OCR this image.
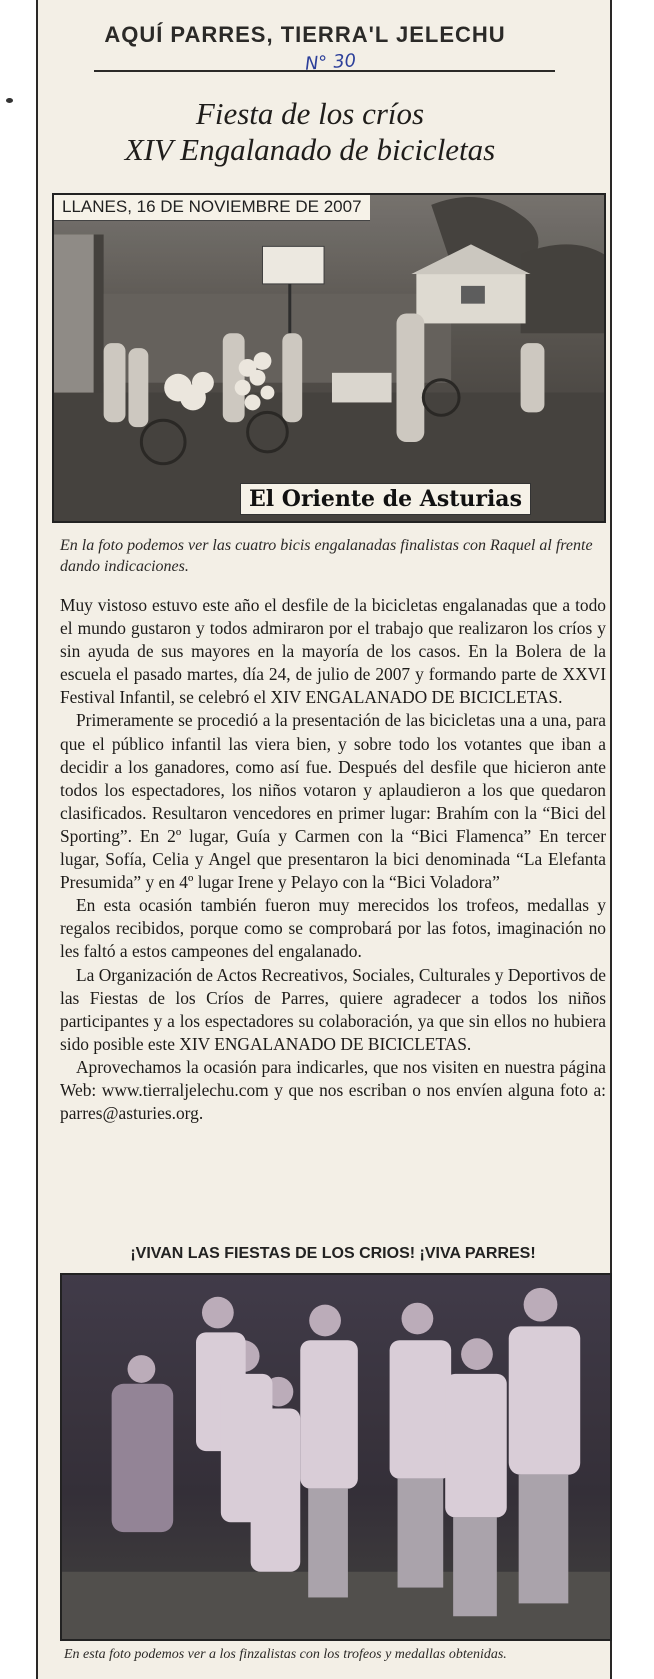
AQUÍ PARRES, TIERRA'L JELECHU
N° 30
Fiesta de los críos
XIV Engalanado de bicicletas
LLANES, 16 DE NOVIEMBRE DE 2007
El Oriente de Asturias
En la foto podemos ver las cuatro bicis engalanadas finalistas con Raquel al frente dando indicaciones.

Muy vistoso estuvo este año el desfile de la bicicletas engalanadas que a todo el mundo gustaron y todos admiraron por el trabajo que realizaron los críos y sin ayuda de sus mayores en la mayoría de los casos. En la Bolera de la escuela el pasado martes, día 24, de julio de 2007 y formando parte de XXVI Festival Infantil, se celebró el XIV ENGALANADO DE BICICLETAS.

Primeramente se procedió a la presentación de las bicicletas una a una, para que el público infantil las viera bien, y sobre todo los votantes que iban a decidir a los ganadores, como así fue. Después del desfile que hicieron ante todos los espectadores, los niños votaron y aplaudieron a los que quedaron clasificados. Resultaron vencedores en primer lugar: Brahím con la “Bici del Sporting”. En 2º lugar, Guía y Carmen con la “Bici Flamenca” En tercer lugar, Sofía, Celia y Angel que presentaron la bici denominada “La Elefanta Presumida” y en 4º lugar Irene y Pelayo con la “Bici Voladora”

En esta ocasión también fueron muy merecidos los trofeos, medallas y regalos recibidos, porque como se comprobará por las fotos, imaginación no les faltó a estos campeones del engalanado.

La Organización de Actos Recreativos, Sociales, Culturales y Deportivos de las Fiestas de los Críos de Parres, quiere agradecer a todos los niños participantes y a los espectadores su colaboración, ya que sin ellos no hubiera sido posible este XIV ENGALANADO DE BICICLETAS.

Aprovechamos la ocasión para indicarles, que nos visiten en nuestra página Web: www.tierraljelechu.com y que nos escriban o nos envíen alguna foto a: parres@asturies.org.

¡VIVAN LAS FIESTAS DE LOS CRIOS! ¡VIVA PARRES!
En esta foto podemos ver a los finzalistas con los trofeos y medallas obtenidas.
